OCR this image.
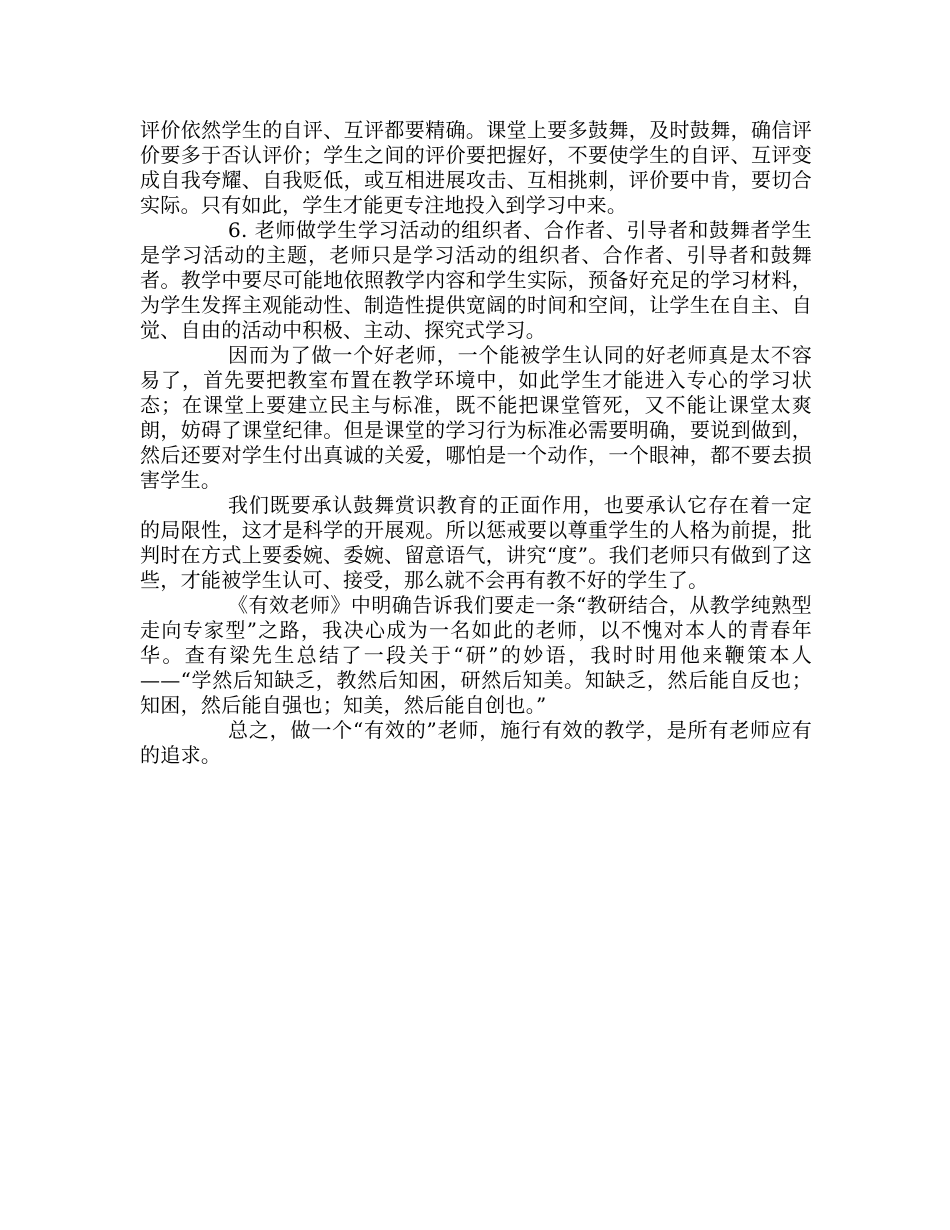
评价依然学生的自评、互评都要精确。课堂上要多鼓舞，及时鼓舞，确信评价要多于否认评价；学生之间的评价要把握好，不要使学生的自评、互评变成自我夸耀、自我贬低，或互相进展攻击、互相挑刺，评价要中肯，要切合实际。只有如此，学生才能更专注地投入到学习中来。

6. 老师做学生学习活动的组织者、合作者、引导者和鼓舞者学生是学习活动的主题，老师只是学习活动的组织者、合作者、引导者和鼓舞者。教学中要尽可能地依照教学内容和学生实际，预备好充足的学习材料，为学生发挥主观能动性、制造性提供宽阔的时间和空间，让学生在自主、自觉、自由的活动中积极、主动、探究式学习。

因而为了做一个好老师，一个能被学生认同的好老师真是太不容易了，首先要把教室布置在教学环境中，如此学生才能进入专心的学习状态；在课堂上要建立民主与标准，既不能把课堂管死，又不能让课堂太爽朗，妨碍了课堂纪律。但是课堂的学习行为标准必需要明确，要说到做到，然后还要对学生付出真诚的关爱，哪怕是一个动作，一个眼神，都不要去损害学生。

我们既要承认鼓舞赏识教育的正面作用，也要承认它存在着一定的局限性，这才是科学的开展观。所以惩戒要以尊重学生的人格为前提，批判时在方式上要委婉、委婉、留意语气，讲究“度”。我们老师只有做到了这些，才能被学生认可、接受，那么就不会再有教不好的学生了。

《有效老师》中明确告诉我们要走一条“教研结合，从教学纯熟型走向专家型”之路，我决心成为一名如此的老师，以不愧对本人的青春年华。查有梁先生总结了一段关于“研”的妙语，我时时用他来鞭策本人——“学然后知缺乏，教然后知困，研然后知美。知缺乏，然后能自反也；知困，然后能自强也；知美，然后能自创也。”

总之，做一个“有效的”老师，施行有效的教学，是所有老师应有的追求。
